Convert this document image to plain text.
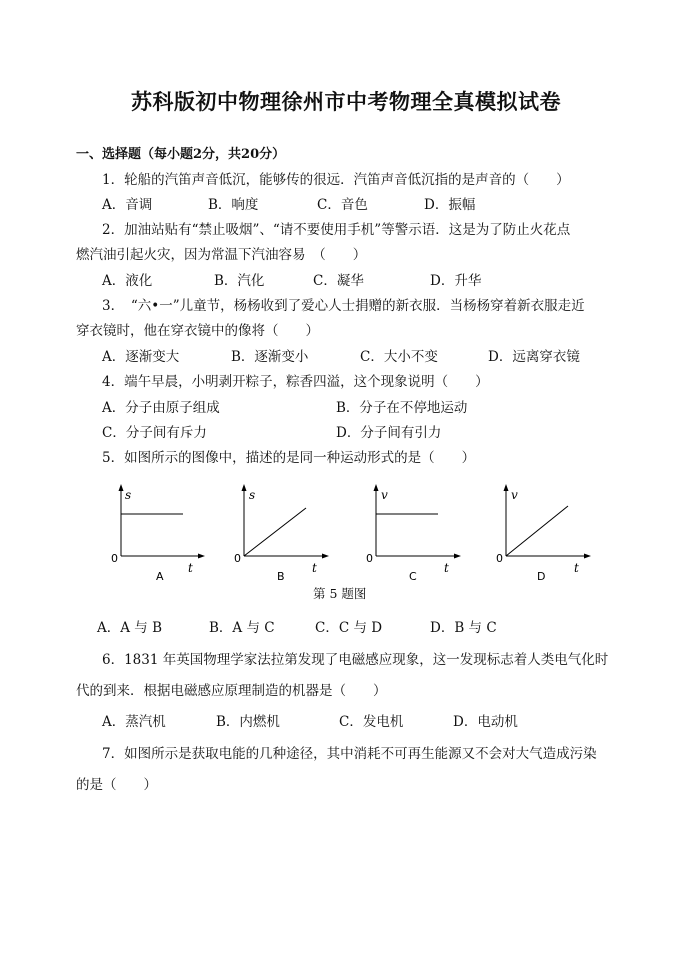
苏科版初中物理徐州市中考物理全真模拟试卷
一、选择题（每小题2分，共20分）
1．轮船的汽笛声音低沉，能够传的很远．汽笛声音低沉指的是声音的（　　）
A．音调	B．响度	C．音色	D．振幅
2．加油站贴有“禁止吸烟”、“请不要使用手机”等警示语．这是为了防止火花点
燃汽油引起火灾，因为常温下汽油容易　（　　）
A．液化	B．汽化	C．凝华	D．升华
3．　“六•一”儿童节，杨杨收到了爱心人士捐赠的新衣服．当杨杨穿着新衣服走近
穿衣镜时，他在穿衣镜中的像将（　　）
A．逐渐变大	B．逐渐变小	C．大小不变	D．远离穿衣镜
4．端午早晨，小明剥开粽子，粽香四溢，这个现象说明（　　）
A．分子由原子组成	B．分子在不停地运动
C．分子间有斥力	D．分子间有引力
5．如图所示的图像中，描述的是同一种运动形式的是（　　）
s
t
0
A
s
t
0
B
v
t
0
C
v
t
0
D
第 5 题图
A．A 与 B	B．A 与 C	C．C 与 D	D．B 与 C
6．1831 年英国物理学家法拉第发现了电磁感应现象，这一发现标志着人类电气化时
代的到来．根据电磁感应原理制造的机器是（　　）
A．蒸汽机	B．内燃机	C．发电机	D．电动机
7．如图所示是获取电能的几种途径，其中消耗不可再生能源又不会对大气造成污染
的是（　　）
